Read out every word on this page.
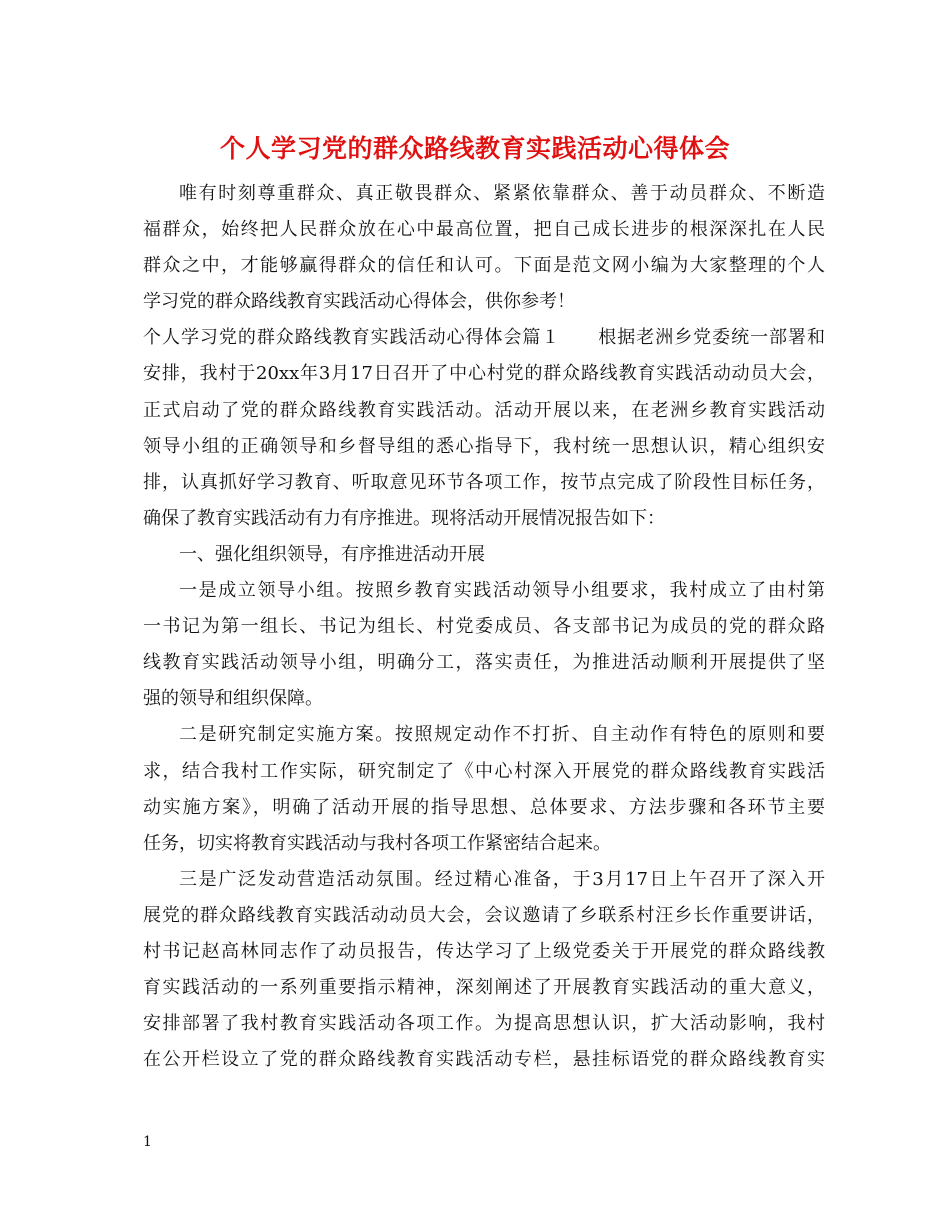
个人学习党的群众路线教育实践活动心得体会
唯有时刻尊重群众、真正敬畏群众、紧紧依靠群众、善于动员群众、不断造
福群众，始终把人民群众放在心中最高位置，把自己成长进步的根深深扎在人民
群众之中，才能够赢得群众的信任和认可。下面是范文网小编为大家整理的个人
学习党的群众路线教育实践活动心得体会，供你参考！
个人学习党的群众路线教育实践活动心得体会篇１　　根据老洲乡党委统一部署和
安排，我村于20xx年3月17日召开了中心村党的群众路线教育实践活动动员大会，
正式启动了党的群众路线教育实践活动。活动开展以来，在老洲乡教育实践活动
领导小组的正确领导和乡督导组的悉心指导下，我村统一思想认识，精心组织安
排，认真抓好学习教育、听取意见环节各项工作，按节点完成了阶段性目标任务，
确保了教育实践活动有力有序推进。现将活动开展情况报告如下：
一、强化组织领导，有序推进活动开展
一是成立领导小组。按照乡教育实践活动领导小组要求，我村成立了由村第
一书记为第一组长、书记为组长、村党委成员、各支部书记为成员的党的群众路
线教育实践活动领导小组，明确分工，落实责任，为推进活动顺利开展提供了坚
强的领导和组织保障。
二是研究制定实施方案。按照规定动作不打折、自主动作有特色的原则和要
求，结合我村工作实际，研究制定了《中心村深入开展党的群众路线教育实践活
动实施方案》，明确了活动开展的指导思想、总体要求、方法步骤和各环节主要
任务，切实将教育实践活动与我村各项工作紧密结合起来。
三是广泛发动营造活动氛围。经过精心准备，于3月17日上午召开了深入开
展党的群众路线教育实践活动动员大会，会议邀请了乡联系村汪乡长作重要讲话，
村书记赵高林同志作了动员报告，传达学习了上级党委关于开展党的群众路线教
育实践活动的一系列重要指示精神，深刻阐述了开展教育实践活动的重大意义，
安排部署了我村教育实践活动各项工作。为提高思想认识，扩大活动影响，我村
在公开栏设立了党的群众路线教育实践活动专栏，悬挂标语党的群众路线教育实
1
